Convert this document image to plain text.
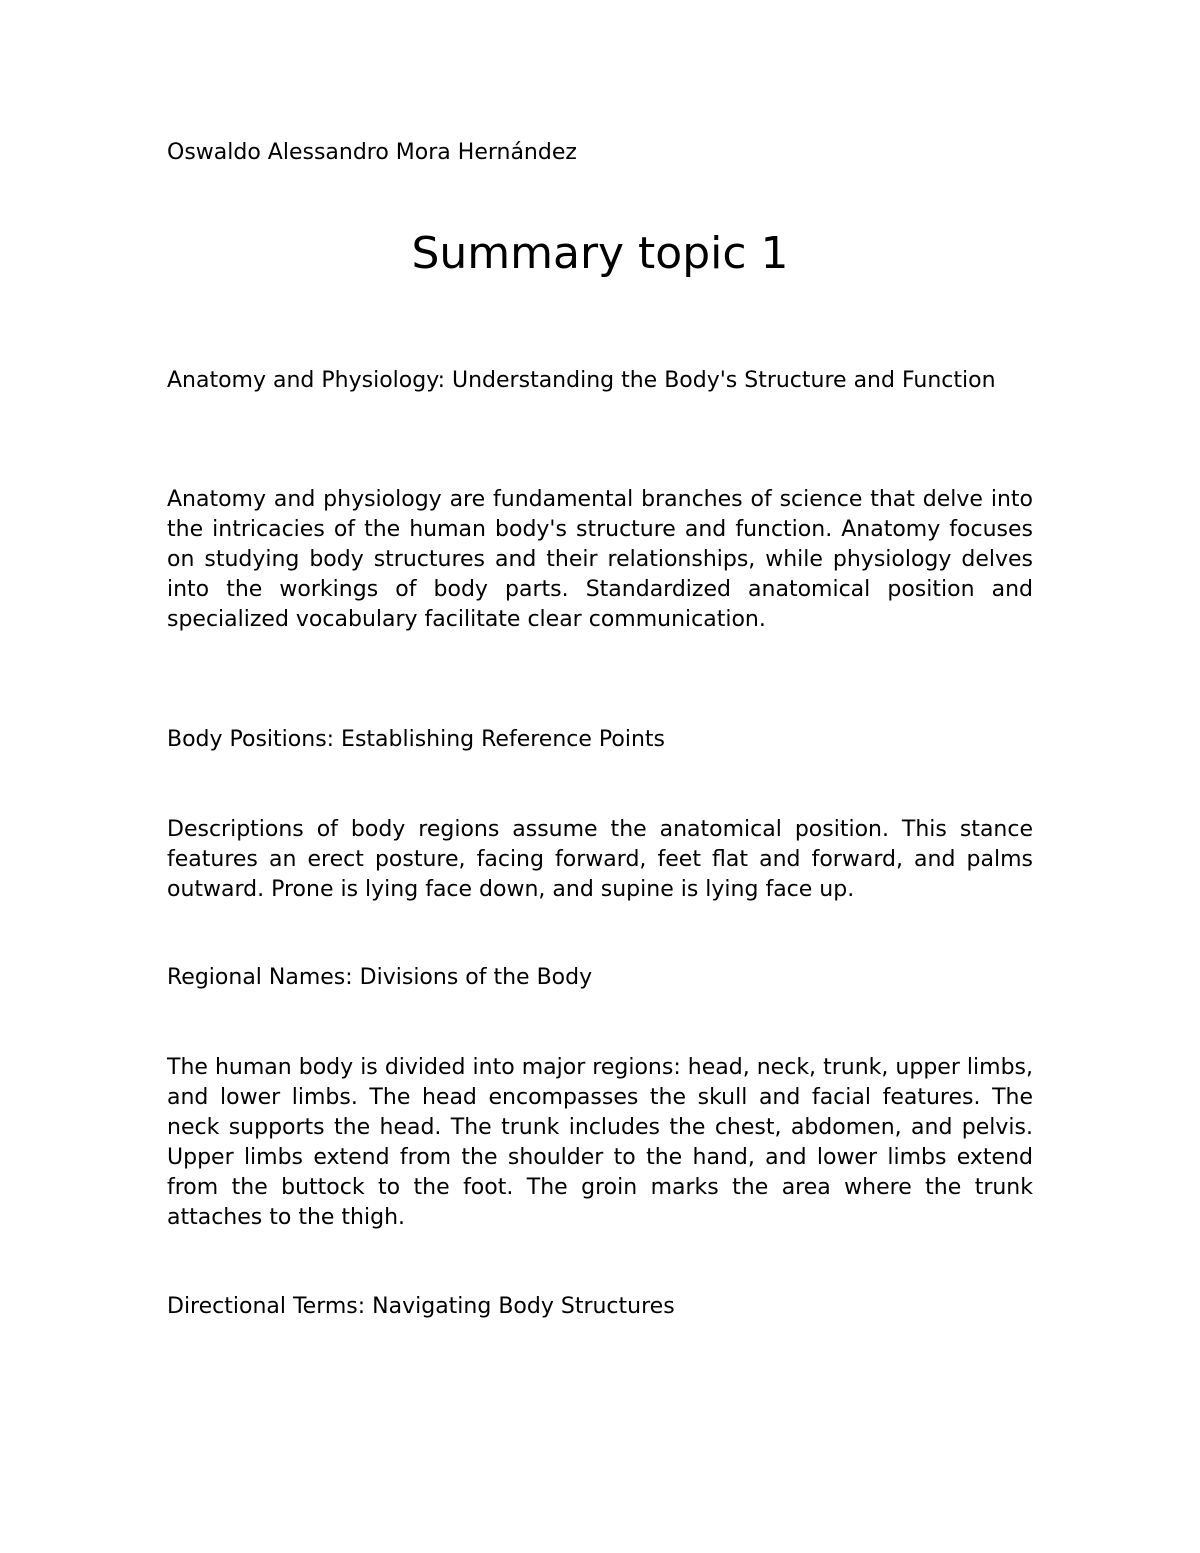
Oswaldo Alessandro Mora Hernández

Summary topic 1

Anatomy and Physiology: Understanding the Body's Structure and Function

Anatomy and physiology are fundamental branches of science that delve into the intricacies of the human body's structure and function. Anatomy focuses on studying body structures and their relationships, while physiology delves into the workings of body parts. Standardized anatomical position and specialized vocabulary facilitate clear communication.

Body Positions: Establishing Reference Points

Descriptions of body regions assume the anatomical position. This stance features an erect posture, facing forward, feet flat and forward, and palms outward. Prone is lying face down, and supine is lying face up.

Regional Names: Divisions of the Body

The human body is divided into major regions: head, neck, trunk, upper limbs, and lower limbs. The head encompasses the skull and facial features. The neck supports the head. The trunk includes the chest, abdomen, and pelvis. Upper limbs extend from the shoulder to the hand, and lower limbs extend from the buttock to the foot. The groin marks the area where the trunk attaches to the thigh.

Directional Terms: Navigating Body Structures
